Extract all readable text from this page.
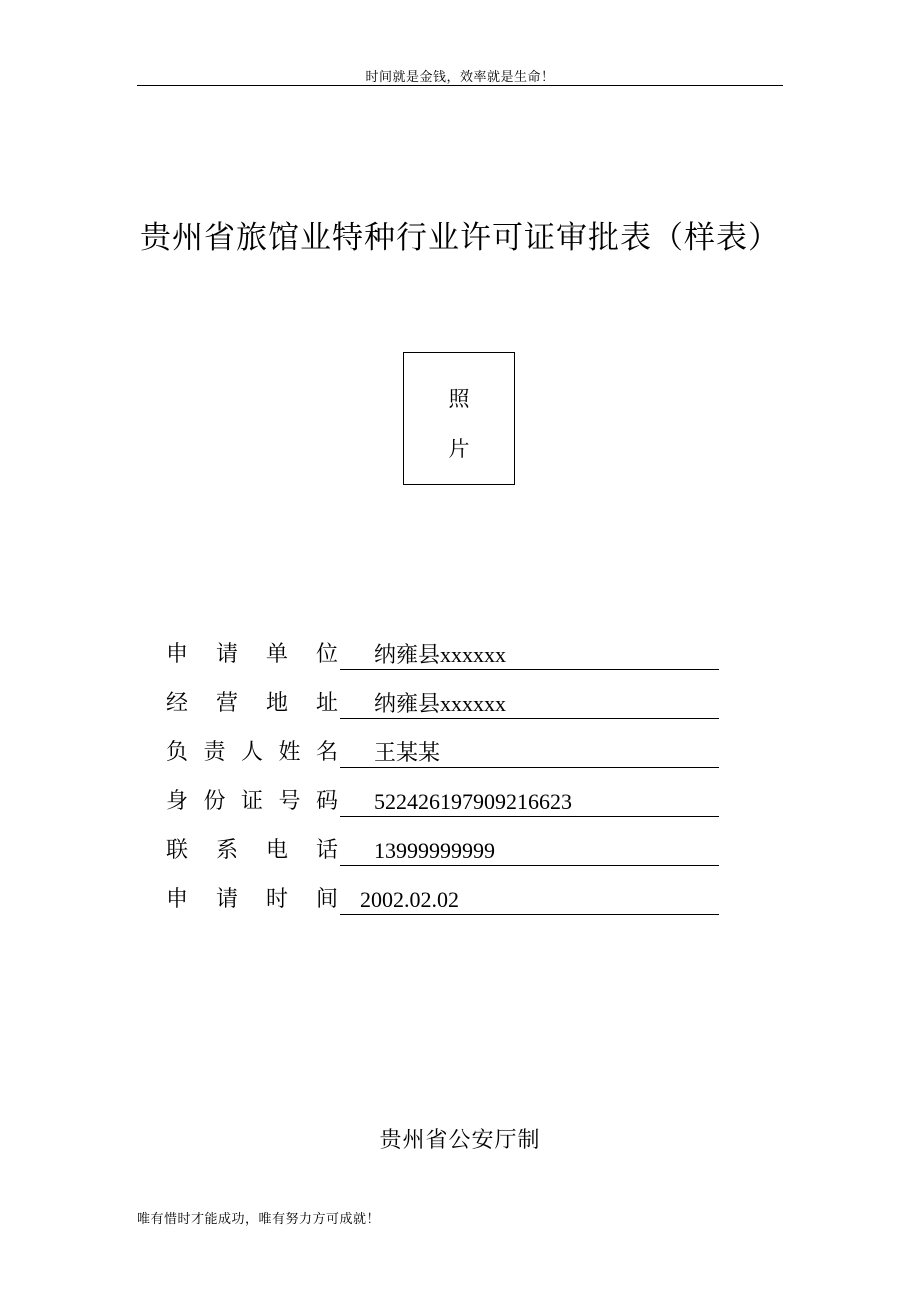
时间就是金钱，效率就是生命！
贵州省旅馆业特种行业许可证审批表（样表）
照
片
申 请 单 位	纳雍县xxxxxx
经 营 地 址	纳雍县xxxxxx
负 责 人 姓 名	王某某
身 份 证 号 码	522426197909216623
联 系 电 话	13999999999
申 请 时 间	2002.02.02
贵州省公安厅制
唯有惜时才能成功，唯有努力方可成就！
